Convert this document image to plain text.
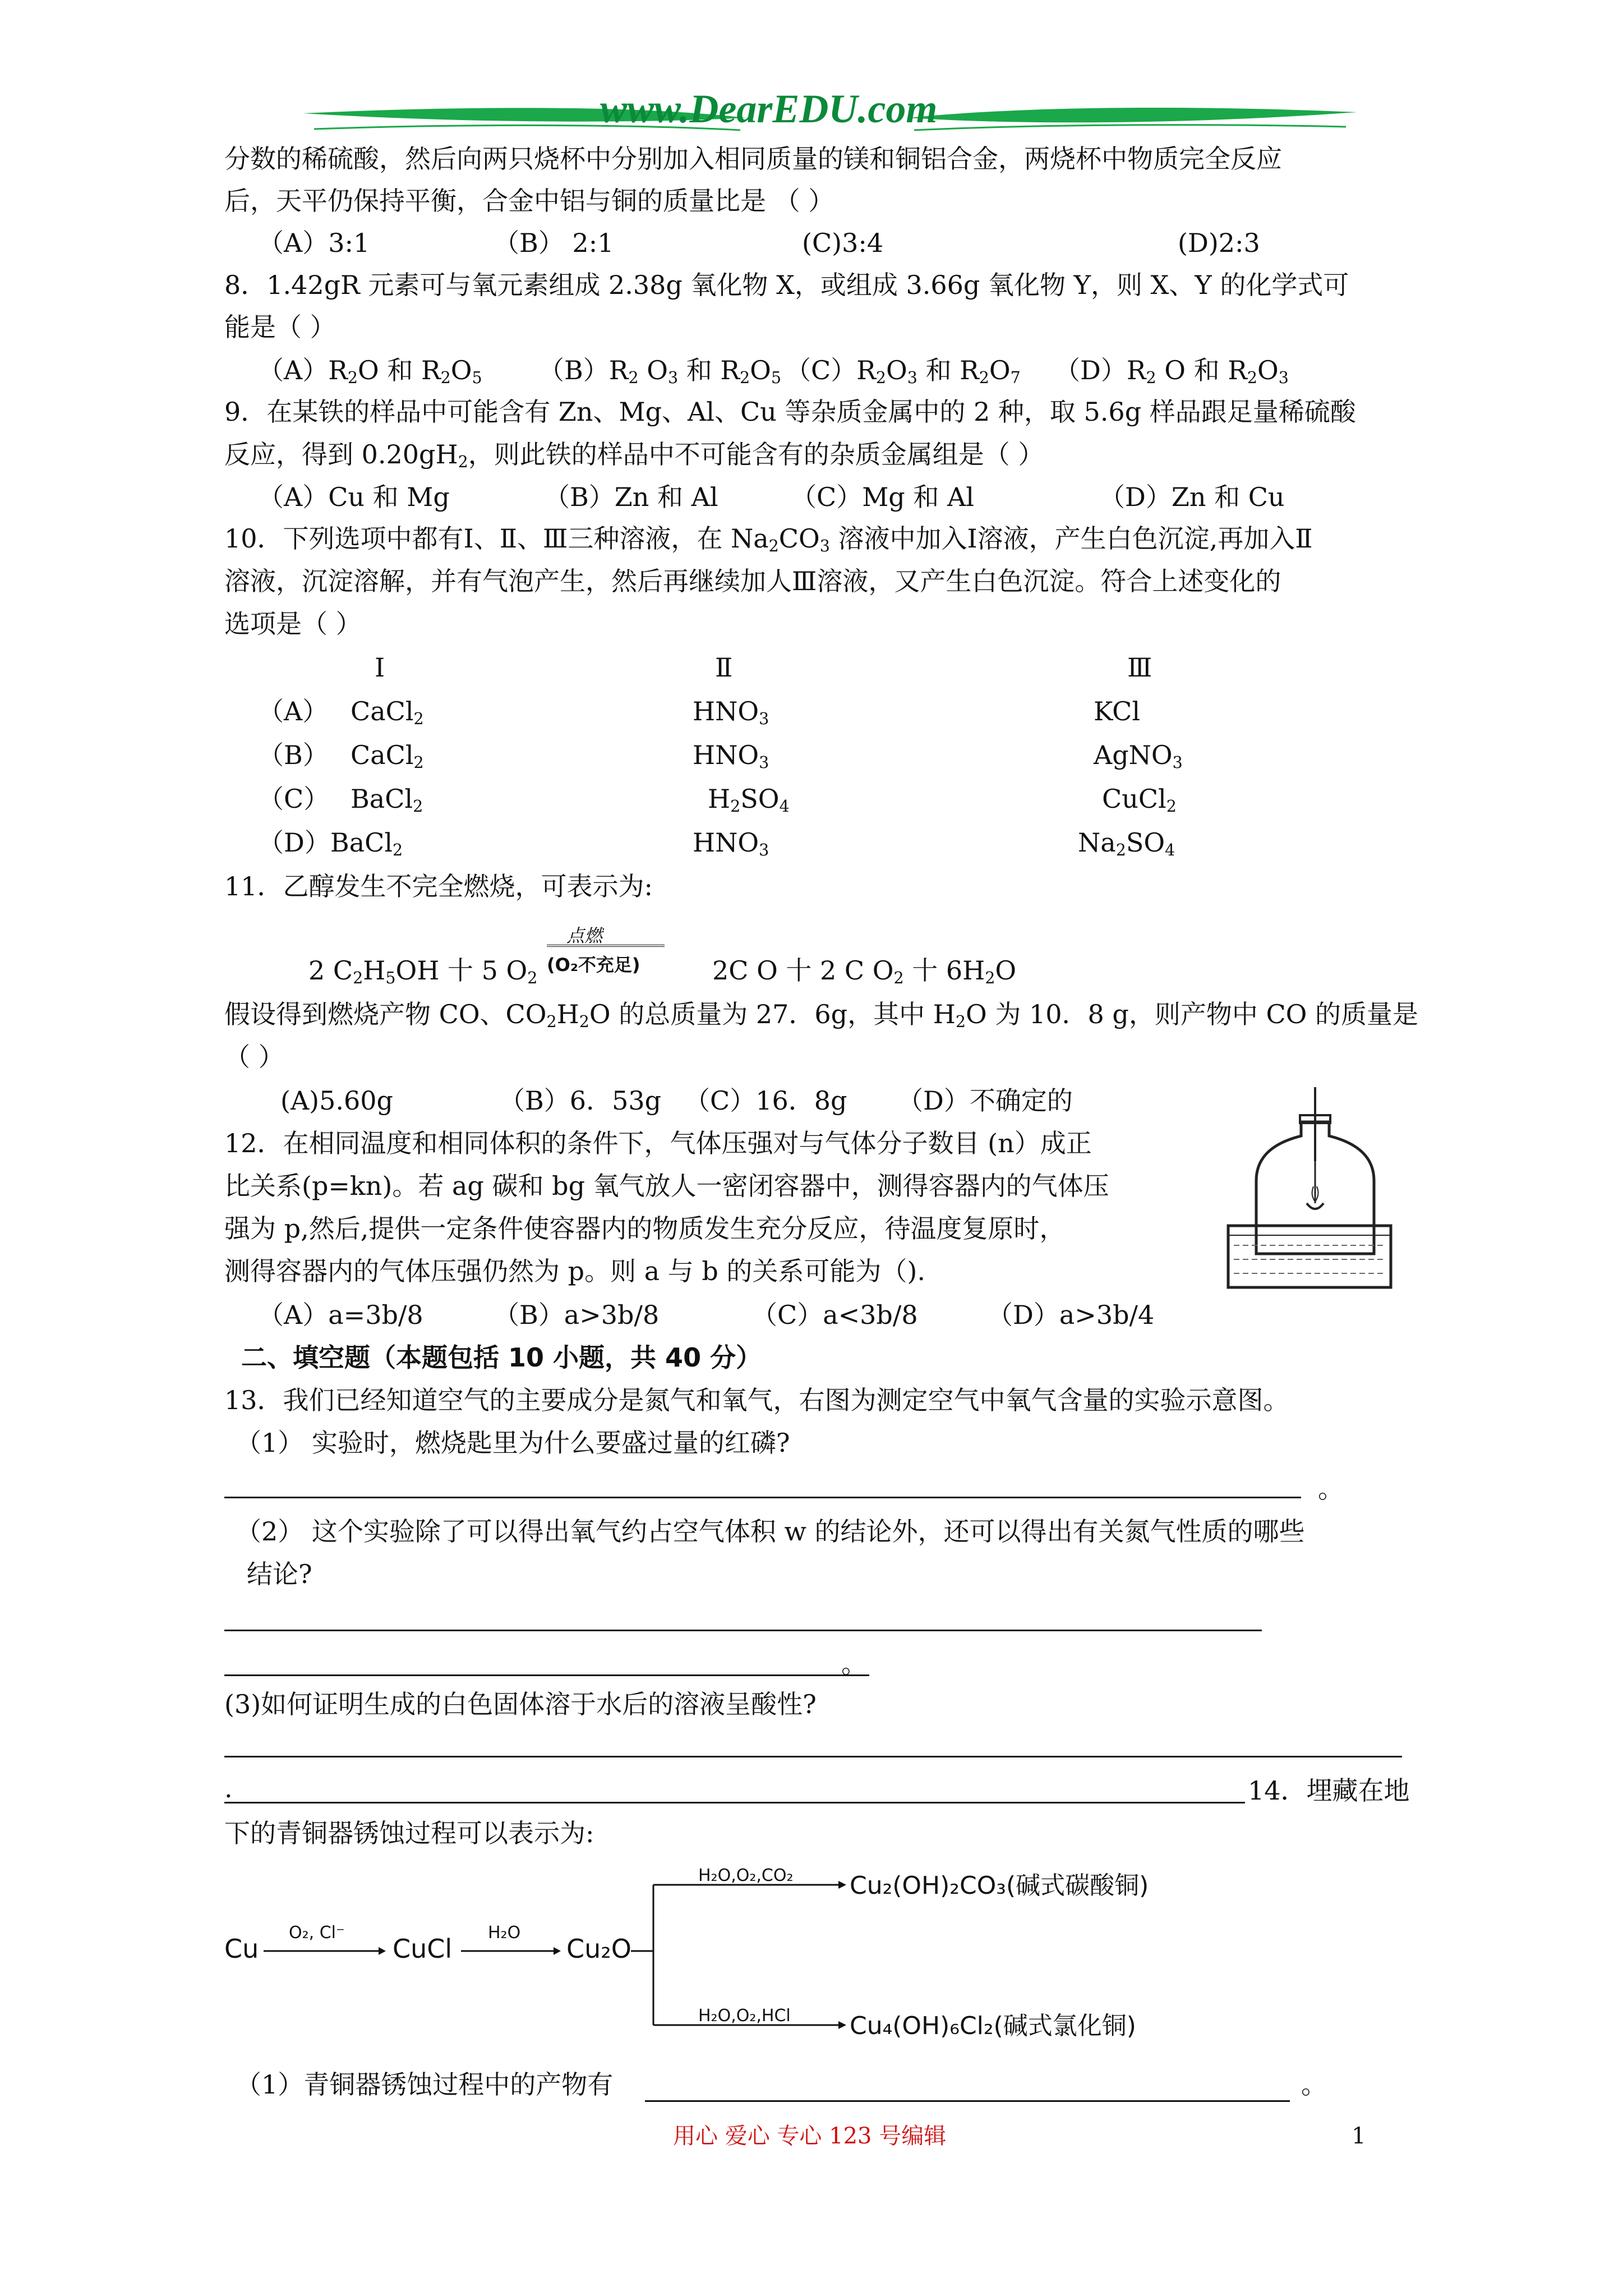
www.DearEDU.com
分数的稀硫酸，然后向两只烧杯中分别加入相同质量的镁和铜铝合金，两烧杯中物质完全反应
后，天平仍保持平衡，合金中铝与铜的质量比是 （ ）
（A）3:1	（B） 2:1	(C)3:4	(D)2:3
8．1.42gR 元素可与氧元素组成 2.38g 氧化物 X，或组成 3.66g 氧化物 Y，则 X、Y 的化学式可
能是（ ）
$(A)R_2O$ 和 $R_2O_5$ $(B)R_2$ $O_3$ 和 $R_2O_5$ $(C)R_2O_3$ 和 $R_2O_7$ $(D)R_2$ O 和 $R_2O_3$
9．在某铁的样品中可能含有 Zn、Mg、Al、Cu 等杂质金属中的 2 种，取 5.6g 样品跟足量稀硫酸
反应，得到 $0.20gH_2$，则此铁的样品中不可能含有的杂质金属组是（ ）
（A）Cu 和 Mg	（B）Zn 和 Al	（C）Mg 和 Al	（D）Zn 和 Cu
10．下列选项中都有Ⅰ、Ⅱ、Ⅲ三种溶液，在 $Na_2CO_3$ 溶液中加入Ⅰ溶液，产生白色沉淀,再加入Ⅱ
溶液，沉淀溶解，并有气泡产生，然后再继续加人Ⅲ溶液，又产生白色沉淀。符合上述变化的
选项是（ ）
Ⅰ	Ⅱ	Ⅲ
（A） CaCl$_2$	$HNO_3$	KCl
（B） CaCl$_2$	$HNO_3$	AgNO$_3$
（C） BaCl$_2$	$H_2SO_4$	CuCl$_2$
（D）BaCl$_2$	$HNO_3$	$Na_2SO_4$
11．乙醇发生不完全燃烧，可表示为:
2 $C_2H_5OH$ 十 5 $O_2$
点燃
(O₂不充足)	2C O 十 2 C $O_2$ 十 $6H_2O$
假设得到燃烧产物 CO、$CO_2H_2O$ 的总质量为 27．6g，其中 $H_2O$ 为 10．8 g，则产物中 CO 的质量是
（ ）
(A)5.60g	（B）6．53g （C）16．8g （D）不确定的
12．在相同温度和相同体积的条件下，气体压强对与气体分子数目 (n）成正
比关系(p=kn)。若 ag 碳和 bg 氧气放人一密闭容器中，测得容器内的气体压
强为 p,然后,提供一定条件使容器内的物质发生充分反应，待温度复原时，
测得容器内的气体压强仍然为 p。则 a 与 b 的关系可能为（).
（A）a=3b/8	（B）a>3b/8	（C）a<3b/8	（D）a>3b/4
二、填空题（本题包括 10 小题，共 40 分）
13．我们已经知道空气的主要成分是氮气和氧气，右图为测定空气中氧气含量的实验示意图。
（1） 实验时，燃烧匙里为什么要盛过量的红磷?
。
（2） 这个实验除了可以得出氧气约占空气体积 w 的结论外，还可以得出有关氮气性质的哪些
结论?
。
(3)如何证明生成的白色固体溶于水后的溶液呈酸性?
.	14．埋藏在地
下的青铜器锈蚀过程可以表示为:
Cu
O₂, Cl⁻
CuCl
H₂O
Cu₂O
H₂O,O₂,CO₂ Cu₂(OH)₂CO₃(碱式碳酸铜)
H₂O,O₂,HCl Cu₄(OH)₆Cl₂(碱式氯化铜)
（1）青铜器锈蚀过程中的产物有	。
用心 爱心 专心 123 号编辑	1
